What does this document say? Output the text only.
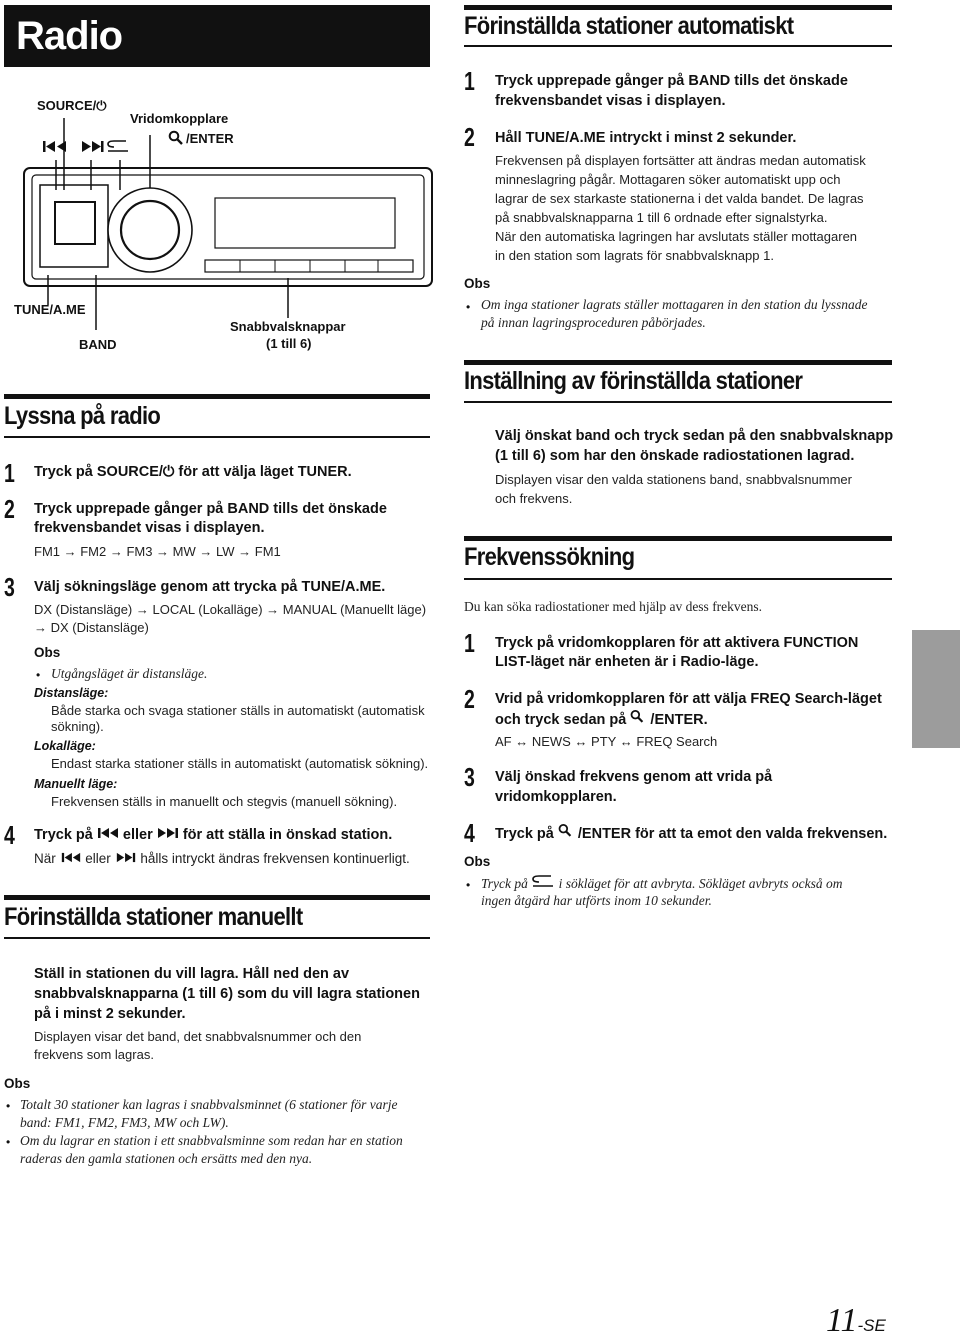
Radio
SOURCE/⏻
Vridomkopplare
/ENTER
TUNE/A.ME
BAND
Snabbvalsknappar
(1 till 6)
Lyssna på radio
1 Tryck på SOURCE/⏻ för att välja läget TUNER.
2 Tryck upprepade gånger på BAND tills det önskade
frekvensbandet visas i displayen.
FM1 → FM2 → FM3 → MW → LW → FM1
3 Välj sökningsläge genom att trycka på TUNE/A.ME.
DX (Distansläge) → LOCAL (Lokalläge) → MANUAL (Manuellt läge)
→ DX (Distansläge)
Obs
• Utgångsläget är distansläge.
Distansläge:
Både starka och svaga stationer ställs in automatiskt (automatisk
sökning).
Lokalläge:
Endast starka stationer ställs in automatiskt (automatisk sökning).
Manuellt läge:
Frekvensen ställs in manuellt och stegvis (manuell sökning).
4 Tryck på eller för att ställa in önskad station.
När eller hålls intryckt ändras frekvensen kontinuerligt.
Förinställda stationer manuellt
Ställ in stationen du vill lagra. Håll ned den av
snabbvalsknapparna (1 till 6) som du vill lagra stationen
på i minst 2 sekunder.
Displayen visar det band, det snabbvalsnummer och den
frekvens som lagras.
Obs
• Totalt 30 stationer kan lagras i snabbvalsminnet (6 stationer för varje
band: FM1, FM2, FM3, MW och LW).
• Om du lagrar en station i ett snabbvalsminne som redan har en station
raderas den gamla stationen och ersätts med den nya.
Förinställda stationer automatiskt
1 Tryck upprepade gånger på BAND tills det önskade
frekvensbandet visas i displayen.
2 Håll TUNE/A.ME intryckt i minst 2 sekunder.
Frekvensen på displayen fortsätter att ändras medan automatisk
minneslagring pågår. Mottagaren söker automatiskt upp och
lagrar de sex starkaste stationerna i det valda bandet. De lagras
på snabbvalsknapparna 1 till 6 ordnade efter signalstyrka.
När den automatiska lagringen har avslutats ställer mottagaren
in den station som lagrats för snabbvalsknapp 1.
Obs
• Om inga stationer lagrats ställer mottagaren in den station du lyssnade
på innan lagringsproceduren påbörjades.
Inställning av förinställda stationer
Välj önskat band och tryck sedan på den snabbvalsknapp
(1 till 6) som har den önskade radiostationen lagrad.
Displayen visar den valda stationens band, snabbvalsnummer
och frekvens.
Frekvenssökning
Du kan söka radiostationer med hjälp av dess frekvens.
1 Tryck på vridomkopplaren för att aktivera FUNCTION
LIST-läget när enheten är i Radio-läge.
2 Vrid på vridomkopplaren för att välja FREQ Search-läget
och tryck sedan på /ENTER.
AF ↔ NEWS ↔ PTY ↔ FREQ Search
3 Välj önskad frekvens genom att vrida på
vridomkopplaren.
4 Tryck på /ENTER för att ta emot den valda frekvensen.
Obs
• Tryck på i sökläget för att avbryta. Sökläget avbryts också om
ingen åtgärd har utförts inom 10 sekunder.
11-SE
